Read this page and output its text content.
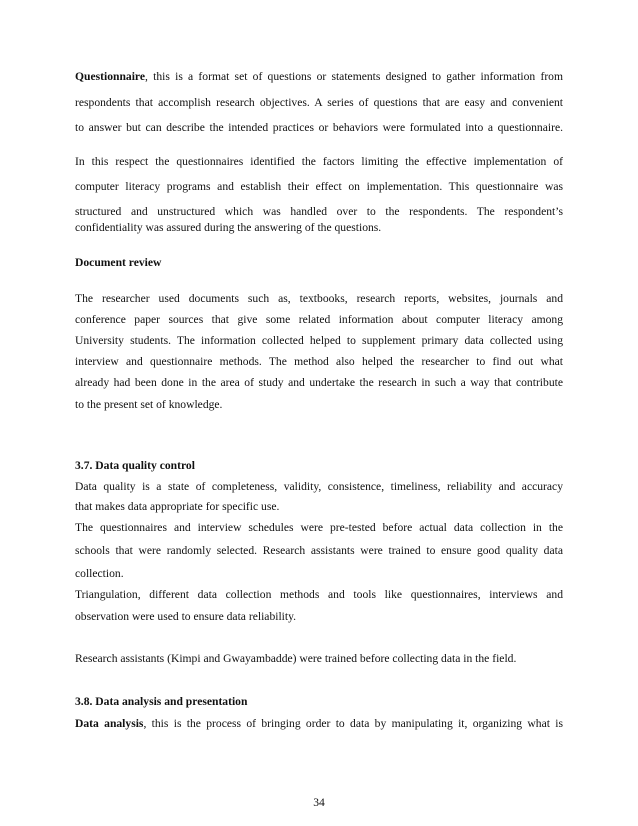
Questionnaire, this is a format set of questions or statements designed to gather information from
respondents that accomplish research objectives. A series of questions that are easy and convenient
to answer but can describe the intended practices or behaviors were formulated into a questionnaire.
In this respect the questionnaires identified the factors limiting the effective implementation of
computer literacy programs and establish their effect on implementation. This questionnaire was
structured and unstructured which was handled over to the respondents. The respondent’s
confidentiality was assured during the answering of the questions.
Document review
The researcher used documents such as, textbooks, research reports, websites, journals and
conference paper sources that give some related information about computer literacy among
University students. The information collected helped to supplement primary data collected using
interview and questionnaire methods. The method also helped the researcher to find out what
already had been done in the area of study and undertake the research in such a way that contribute
to the present set of knowledge.
3.7. Data quality control
Data quality is a state of completeness, validity, consistence, timeliness, reliability and accuracy
that makes data appropriate for specific use.
The questionnaires and interview schedules were pre-tested before actual data collection in the
schools that were randomly selected. Research assistants were trained to ensure good quality data
collection.
Triangulation, different data collection methods and tools like questionnaires, interviews and
observation were used to ensure data reliability.
Research assistants (Kimpi and Gwayambadde) were trained before collecting data in the field.
3.8. Data analysis and presentation
Data analysis, this is the process of bringing order to data by manipulating it, organizing what is
34
